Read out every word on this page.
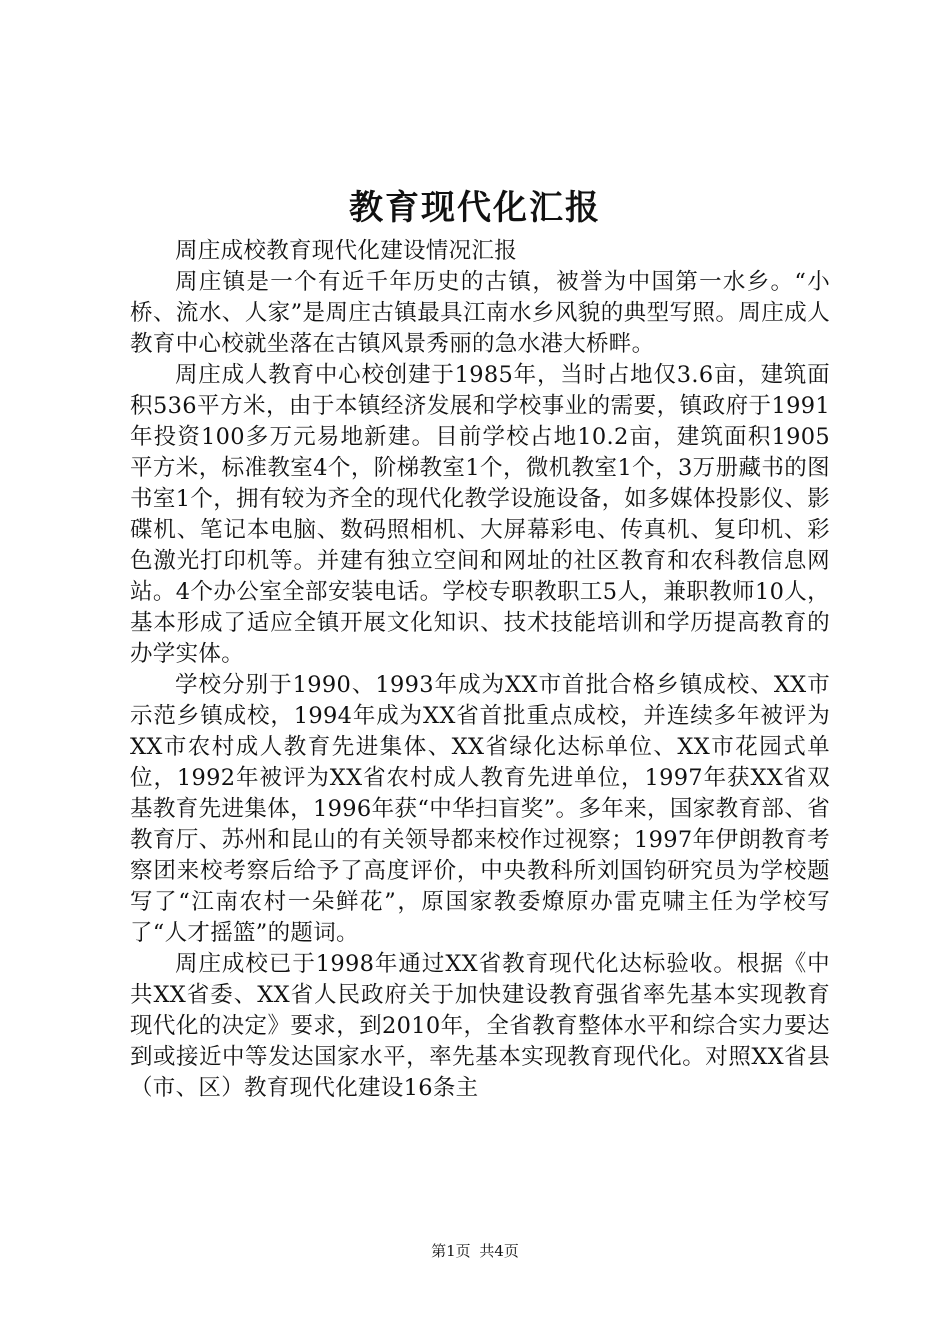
教育现代化汇报

周庄成校教育现代化建设情况汇报

周庄镇是一个有近千年历史的古镇，被誉为中国第一水乡。“小桥、流水、人家”是周庄古镇最具江南水乡风貌的典型写照。周庄成人教育中心校就坐落在古镇风景秀丽的急水港大桥畔。

周庄成人教育中心校创建于1985年，当时占地仅3.6亩，建筑面积536平方米，由于本镇经济发展和学校事业的需要，镇政府于1991年投资100多万元易地新建。目前学校占地10.2亩，建筑面积1905平方米，标准教室4个，阶梯教室1个，微机教室1个，3万册藏书的图书室1个，拥有较为齐全的现代化教学设施设备，如多媒体投影仪、影碟机、笔记本电脑、数码照相机、大屏幕彩电、传真机、复印机、彩色激光打印机等。并建有独立空间和网址的社区教育和农科教信息网站。4个办公室全部安装电话。学校专职教职工5人，兼职教师10人，基本形成了适应全镇开展文化知识、技术技能培训和学历提高教育的办学实体。

学校分别于1990、1993年成为XX市首批合格乡镇成校、XX市示范乡镇成校，1994年成为XX省首批重点成校，并连续多年被评为XX市农村成人教育先进集体、XX省绿化达标单位、XX市花园式单位，1992年被评为XX省农村成人教育先进单位，1997年获XX省双基教育先进集体，1996年获“中华扫盲奖”。多年来，国家教育部、省教育厅、苏州和昆山的有关领导都来校作过视察；1997年伊朗教育考察团来校考察后给予了高度评价，中央教科所刘国钧研究员为学校题写了“江南农村一朵鲜花”，原国家教委燎原办雷克啸主任为学校写了“人才摇篮”的题词。

周庄成校已于1998年通过XX省教育现代化达标验收。根据《中共XX省委、XX省人民政府关于加快建设教育强省率先基本实现教育现代化的决定》要求，到2010年，全省教育整体水平和综合实力要达到或接近中等发达国家水平，率先基本实现教育现代化。对照XX省县（市、区）教育现代化建设16条主

第1页 共4页
